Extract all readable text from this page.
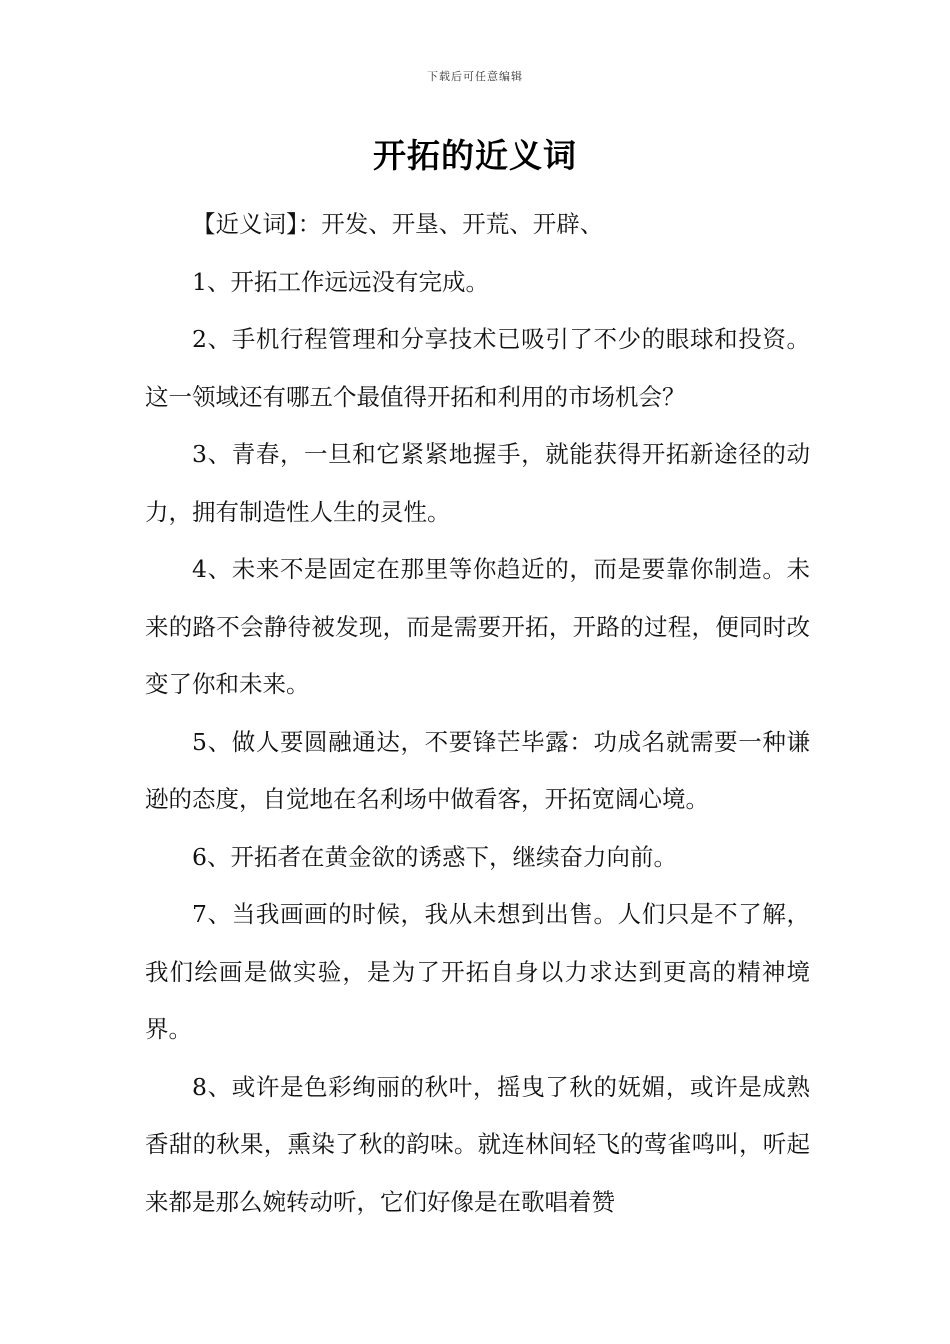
下载后可任意编辑
开拓的近义词

【近义词】：开发、开垦、开荒、开辟、

1、开拓工作远远没有完成。

2、手机行程管理和分享技术已吸引了不少的眼球和投资。这一领域还有哪五个最值得开拓和利用的市场机会？

3、青春，一旦和它紧紧地握手，就能获得开拓新途径的动力，拥有制造性人生的灵性。

4、未来不是固定在那里等你趋近的，而是要靠你制造。未来的路不会静待被发现，而是需要开拓，开路的过程，便同时改变了你和未来。

5、做人要圆融通达，不要锋芒毕露：功成名就需要一种谦逊的态度，自觉地在名利场中做看客，开拓宽阔心境。

6、开拓者在黄金欲的诱惑下，继续奋力向前。

7、当我画画的时候，我从未想到出售。人们只是不了解，我们绘画是做实验，是为了开拓自身以力求达到更高的精神境界。

8、或许是色彩绚丽的秋叶，摇曳了秋的妩媚，或许是成熟香甜的秋果，熏染了秋的韵味。就连林间轻飞的莺雀鸣叫，听起来都是那么婉转动听，它们好像是在歌唱着赞
